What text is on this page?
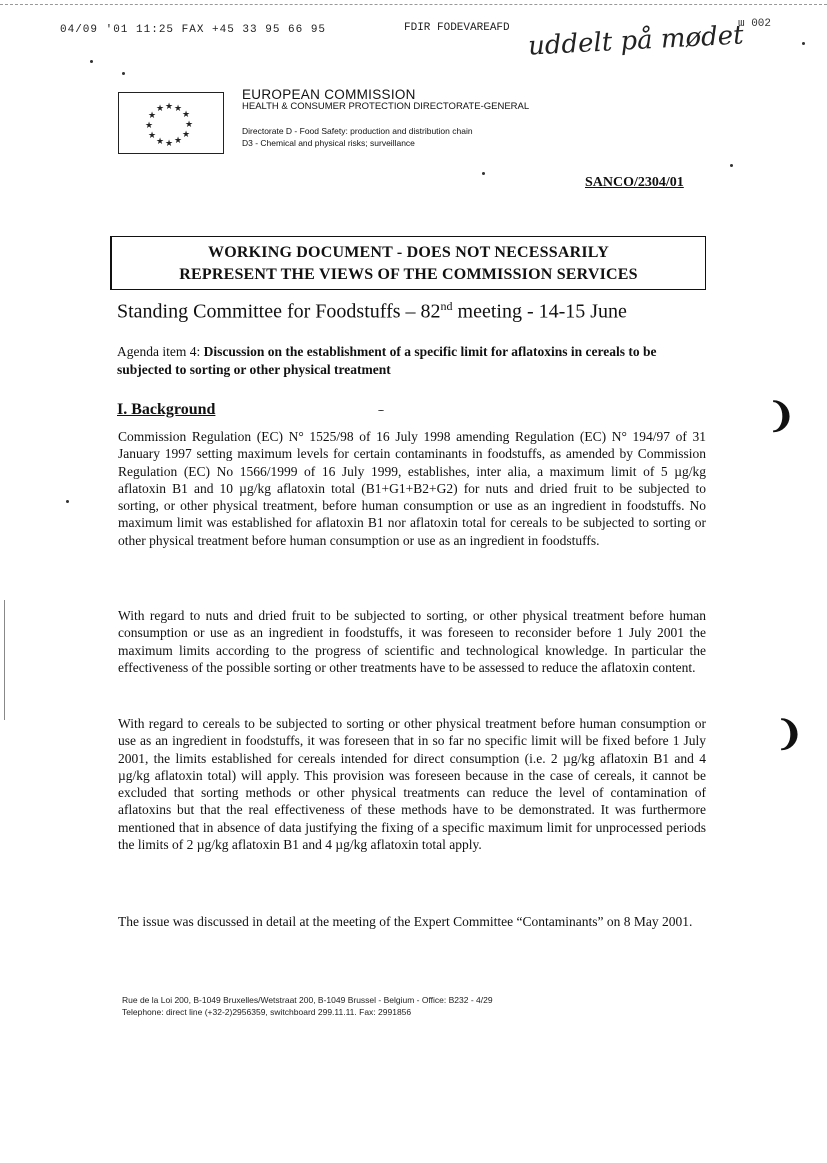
04/09 '01 11:25 FAX +45 33 95 66 95	FDIR FODEVAREAFD	ɯ 002
uddelt på mødet
★ ★
★
★
★
★
★
★
★ ★
★ ★
EUROPEAN COMMISSION
HEALTH & CONSUMER PROTECTION DIRECTORATE-GENERAL
Directorate D - Food Safety: production and distribution chain
D3 - Chemical and physical risks; surveillance
SANCO/2304/01
WORKING DOCUMENT - DOES NOT NECESSARILY
REPRESENT THE VIEWS OF THE COMMISSION SERVICES
Standing Committee for Foodstuffs – 82nd meeting - 14-15 June
Agenda item 4: Discussion on the establishment of a specific limit for aflatoxins in cereals to be subjected to sorting or other physical treatment
I. Background
Commission Regulation (EC) N° 1525/98 of 16 July 1998 amending Regulation (EC) N° 194/97 of 31 January 1997 setting maximum levels for certain contaminants in foodstuffs, as amended by Commission Regulation (EC) No 1566/1999 of 16 July 1999, establishes, inter alia, a maximum limit of 5 µg/kg aflatoxin B1 and 10 µg/kg aflatoxin total (B1+G1+B2+G2) for nuts and dried fruit to be subjected to sorting, or other physical treatment, before human consumption or use as an ingredient in foodstuffs. No maximum limit was established for aflatoxin B1 nor aflatoxin total for cereals to be subjected to sorting or other physical treatment before human consumption or use as an ingredient in foodstuffs.
With regard to nuts and dried fruit to be subjected to sorting, or other physical treatment before human consumption or use as an ingredient in foodstuffs, it was foreseen to reconsider before 1 July 2001 the maximum limits according to the progress of scientific and technological knowledge. In particular the effectiveness of the possible sorting or other treatments have to be assessed to reduce the aflatoxin content.
With regard to cereals to be subjected to sorting or other physical treatment before human consumption or use as an ingredient in foodstuffs, it was foreseen that in so far no specific limit will be fixed before 1 July 2001, the limits established for cereals intended for direct consumption (i.e. 2 µg/kg aflatoxin B1 and 4 µg/kg aflatoxin total) will apply. This provision was foreseen because in the case of cereals, it cannot be excluded that sorting methods or other physical treatments can reduce the level of contamination of aflatoxins but that the real effectiveness of these methods have to be demonstrated. It was furthermore mentioned that in absence of data justifying the fixing of a specific maximum limit for unprocessed periods the limits of 2 µg/kg aflatoxin B1 and 4 µg/kg aflatoxin total apply.
The issue was discussed in detail at the meeting of the Expert Committee “Contaminants” on 8 May 2001.
Rue de la Loi 200, B-1049 Bruxelles/Wetstraat 200, B-1049 Brussel - Belgium - Office: B232 - 4/29
Telephone: direct line (+32-2)2956359, switchboard 299.11.11. Fax: 2991856
❩
❩
